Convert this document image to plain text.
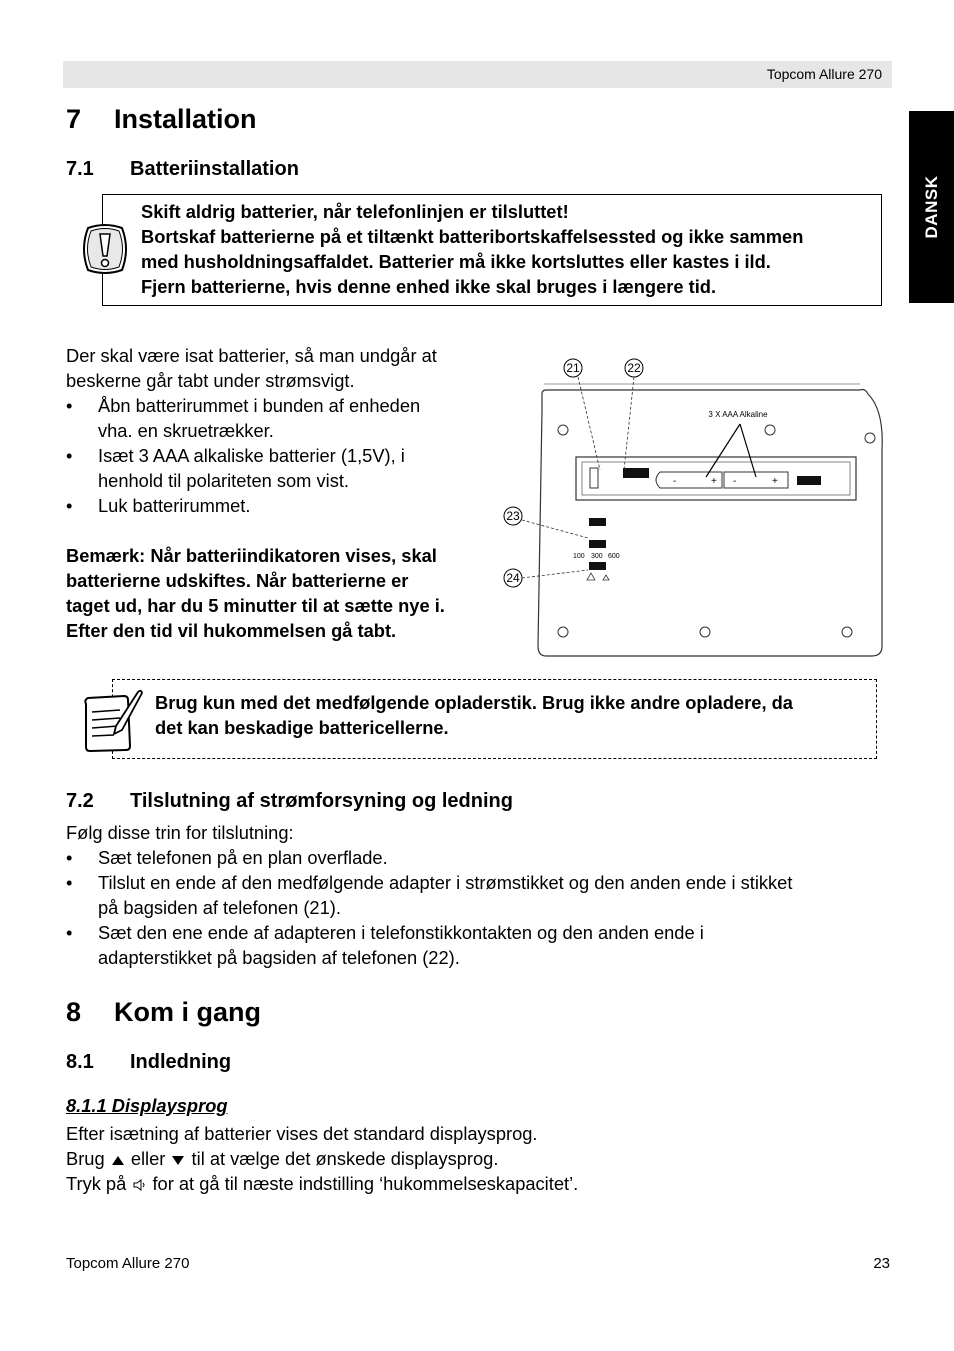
Topcom Allure 270
DANSK
7 Installation
7.1 Batteriinstallation
Skift aldrig batterier, når telefonlinjen er tilsluttet!
Bortskaf batterierne på et tiltænkt batteribortskaffelsessted og ikke sammen
med husholdningsaffaldet. Batterier må ikke kortsluttes eller kastes i ild.
Fjern batterierne, hvis denne enhed ikke skal bruges i længere tid.
Der skal være isat batterier, så man undgår at
beskerne går tabt under strømsvigt.
• Åbn batterirummet i bunden af enheden
vha. en skruetrækker.
• Isæt 3 AAA alkaliske batterier (1,5V), i
henhold til polariteten som vist.
• Luk batterirummet.
Bemærk: Når batteriindikatoren vises, skal
batterierne udskiftes. Når batterierne er
taget ud, har du 5 minutter til at sætte nye i.
Efter den tid vil hukommelsen gå tabt.
-	+ -	+
3 X AAA Alkaline
100 300 600
21	22
23
24
Brug kun med det medfølgende opladerstik. Brug ikke andre opladere, da
det kan beskadige battericellerne.
7.2 Tilslutning af strømforsyning og ledning
Følg disse trin for tilslutning:
• Sæt telefonen på en plan overflade.
• Tilslut en ende af den medfølgende adapter i strømstikket og den anden ende i stikket
på bagsiden af telefonen (21).
• Sæt den ene ende af adapteren i telefonstikkontakten og den anden ende i
adapterstikket på bagsiden af telefonen (22).
8 Kom i gang
8.1 Indledning
8.1.1 Displaysprog
Efter isætning af batterier vises det standard displaysprog.
Brug eller til at vælge det ønskede displaysprog.
Tryk på for at gå til næste indstilling ‘hukommelseskapacitet’.
Topcom Allure 270	23
